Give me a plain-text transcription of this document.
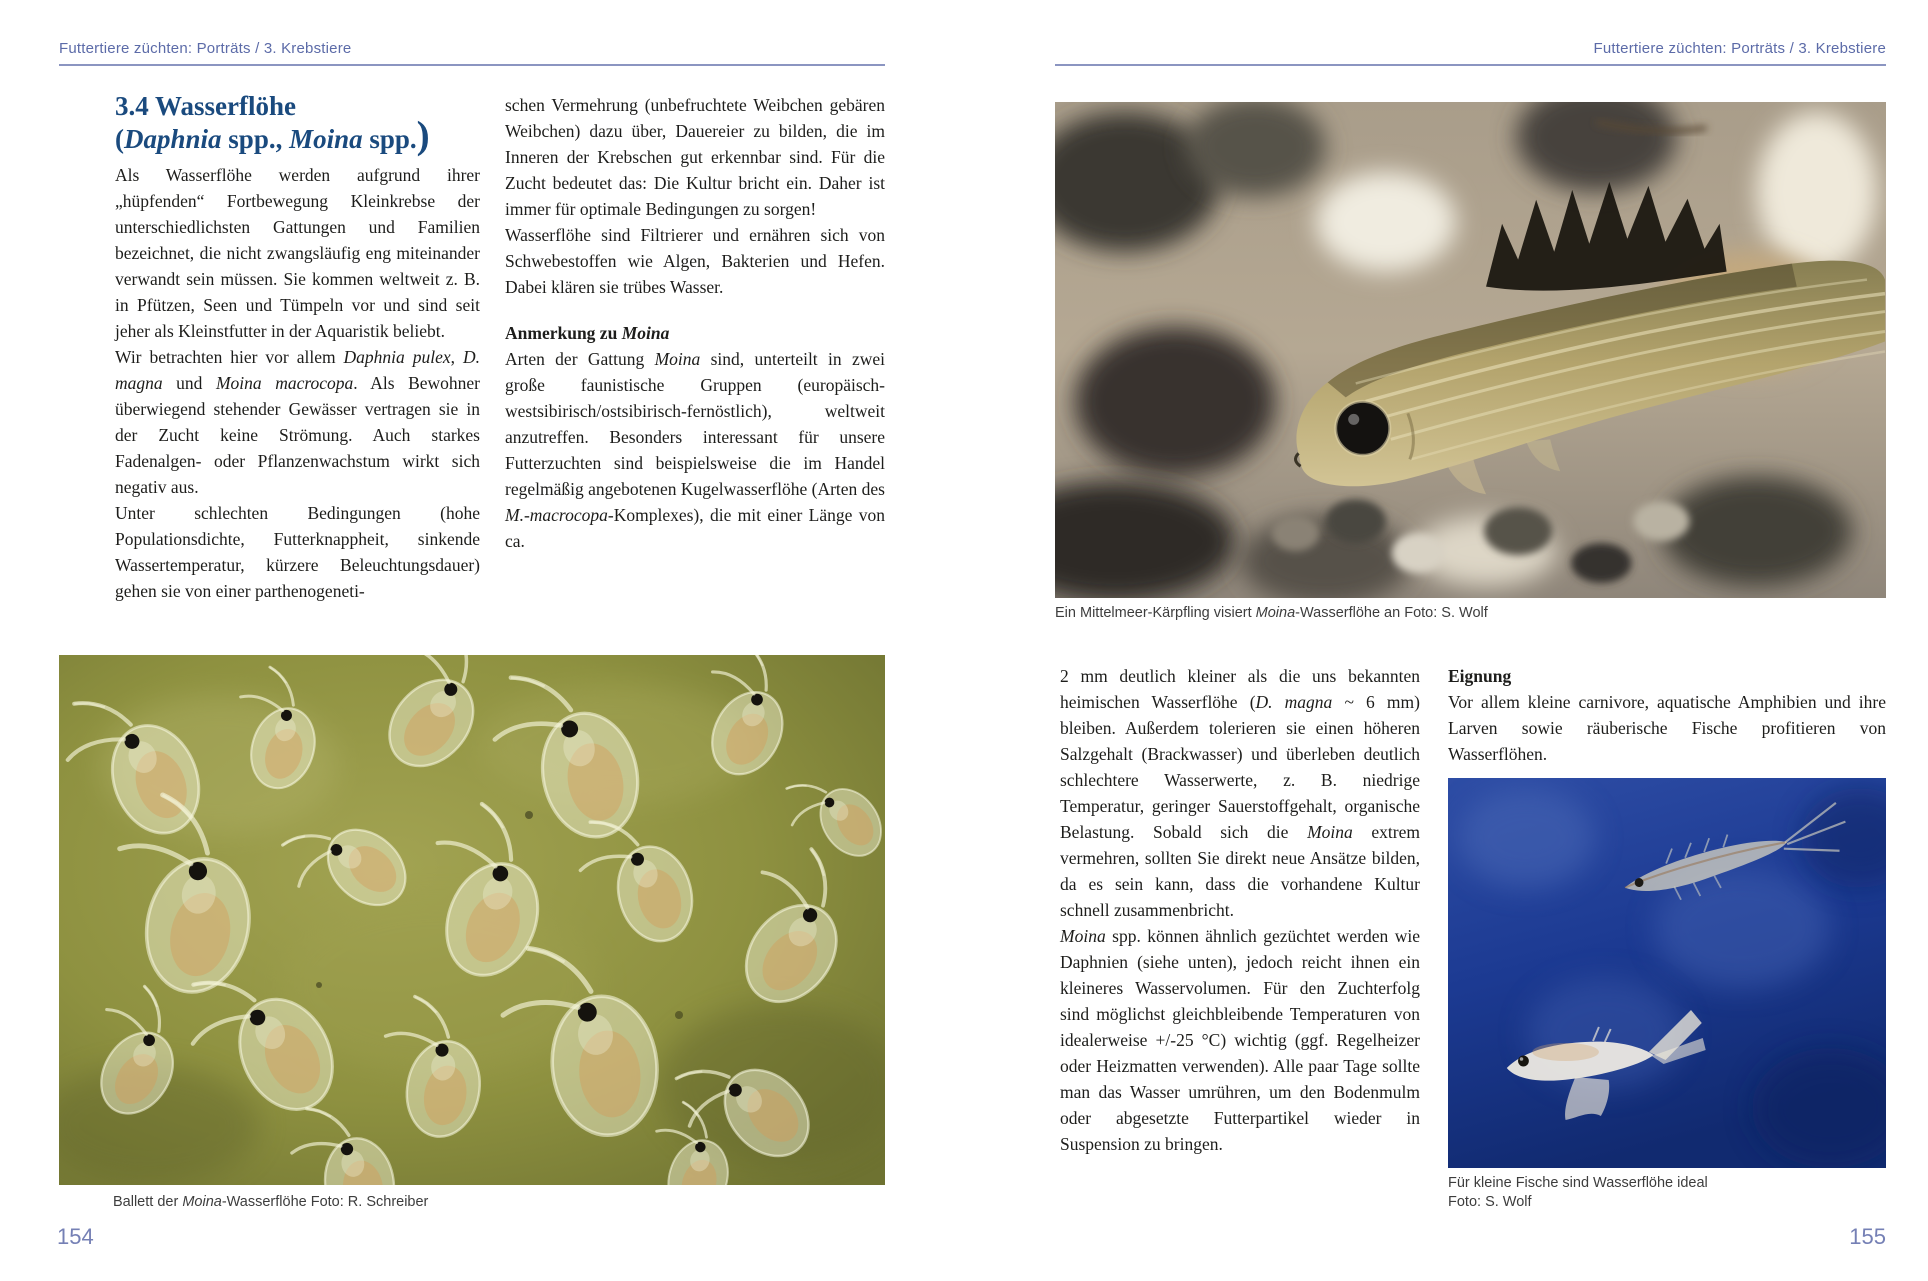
Futtertiere züchten: Porträts / 3. Krebstiere
3.4 Wasserflöhe
(Daphnia spp., Moina spp.)

Als Wasserflöhe werden aufgrund ihrer „hüpfenden“ Fortbewegung Kleinkrebse der unterschiedlichsten Gattungen und Familien bezeichnet, die nicht zwangsläufig eng miteinander verwandt sein müssen. Sie kommen weltweit z. B. in Pfützen, Seen und Tümpeln vor und sind seit jeher als Kleinstfutter in der Aquaristik beliebt.

Wir betrachten hier vor allem Daphnia pulex, D. magna und Moina macrocopa. Als Bewohner überwiegend stehender Gewässer vertragen sie in der Zucht keine Strömung. Auch starkes Fadenalgen- oder Pflanzenwachstum wirkt sich negativ aus.

Unter schlechten Bedingungen (hohe Populationsdichte, Futterknappheit, sinkende Wassertemperatur, kürzere Beleuchtungsdauer) gehen sie von einer parthenogeneti-

schen Vermehrung (unbefruchtete Weibchen gebären Weibchen) dazu über, Dauereier zu bilden, die im Inneren der Krebschen gut erkennbar sind. Für die Zucht bedeutet das: Die Kultur bricht ein. Daher ist immer für optimale Bedingungen zu sorgen!

Wasserflöhe sind Filtrierer und ernähren sich von Schwebestoffen wie Algen, Bakterien und Hefen. Dabei klären sie trübes Wasser.

Anmerkung zu Moina

Arten der Gattung Moina sind, unterteilt in zwei große faunistische Gruppen (europäisch-westsibirisch/ostsibirisch-fernöstlich), weltweit anzutreffen. Besonders interessant für unsere Futterzuchten sind beispielsweise die im Handel regelmäßig angebotenen Kugelwasserflöhe (Arten des M.-macrocopa-Komplexes), die mit einer Länge von ca.

Ballett der Moina-Wasserflöhe Foto: R. Schreiber
154
Futtertiere züchten: Porträts / 3. Krebstiere
Ein Mittelmeer-Kärpfling visiert Moina-Wasserflöhe an Foto: S. Wolf

2 mm deutlich kleiner als die uns bekannten heimischen Wasserflöhe (D. magna ~ 6 mm) bleiben. Außerdem tolerieren sie einen höheren Salzgehalt (Brackwasser) und überleben deutlich schlechtere Wasserwerte, z. B. niedrige Temperatur, geringer Sauerstoffgehalt, organische Belastung. Sobald sich die Moina extrem vermehren, sollten Sie direkt neue Ansätze bilden, da es sein kann, dass die vorhandene Kultur schnell zusammenbricht.

Moina spp. können ähnlich gezüchtet werden wie Daphnien (siehe unten), jedoch reicht ihnen ein kleineres Wasservolumen. Für den Zuchterfolg sind möglichst gleichbleibende Temperaturen von idealerweise +/-25 °C) wichtig (ggf. Regelheizer oder Heizmatten verwenden). Alle paar Tage sollte man das Wasser umrühren, um den Bodenmulm oder abgesetzte Futterpartikel wieder in Suspension zu bringen.

Eignung

Vor allem kleine carnivore, aquatische Amphibien und ihre Larven sowie räuberische Fische profitieren von Wasserflöhen.

Für kleine Fische sind Wasserflöhe ideal
Foto: S. Wolf
155
